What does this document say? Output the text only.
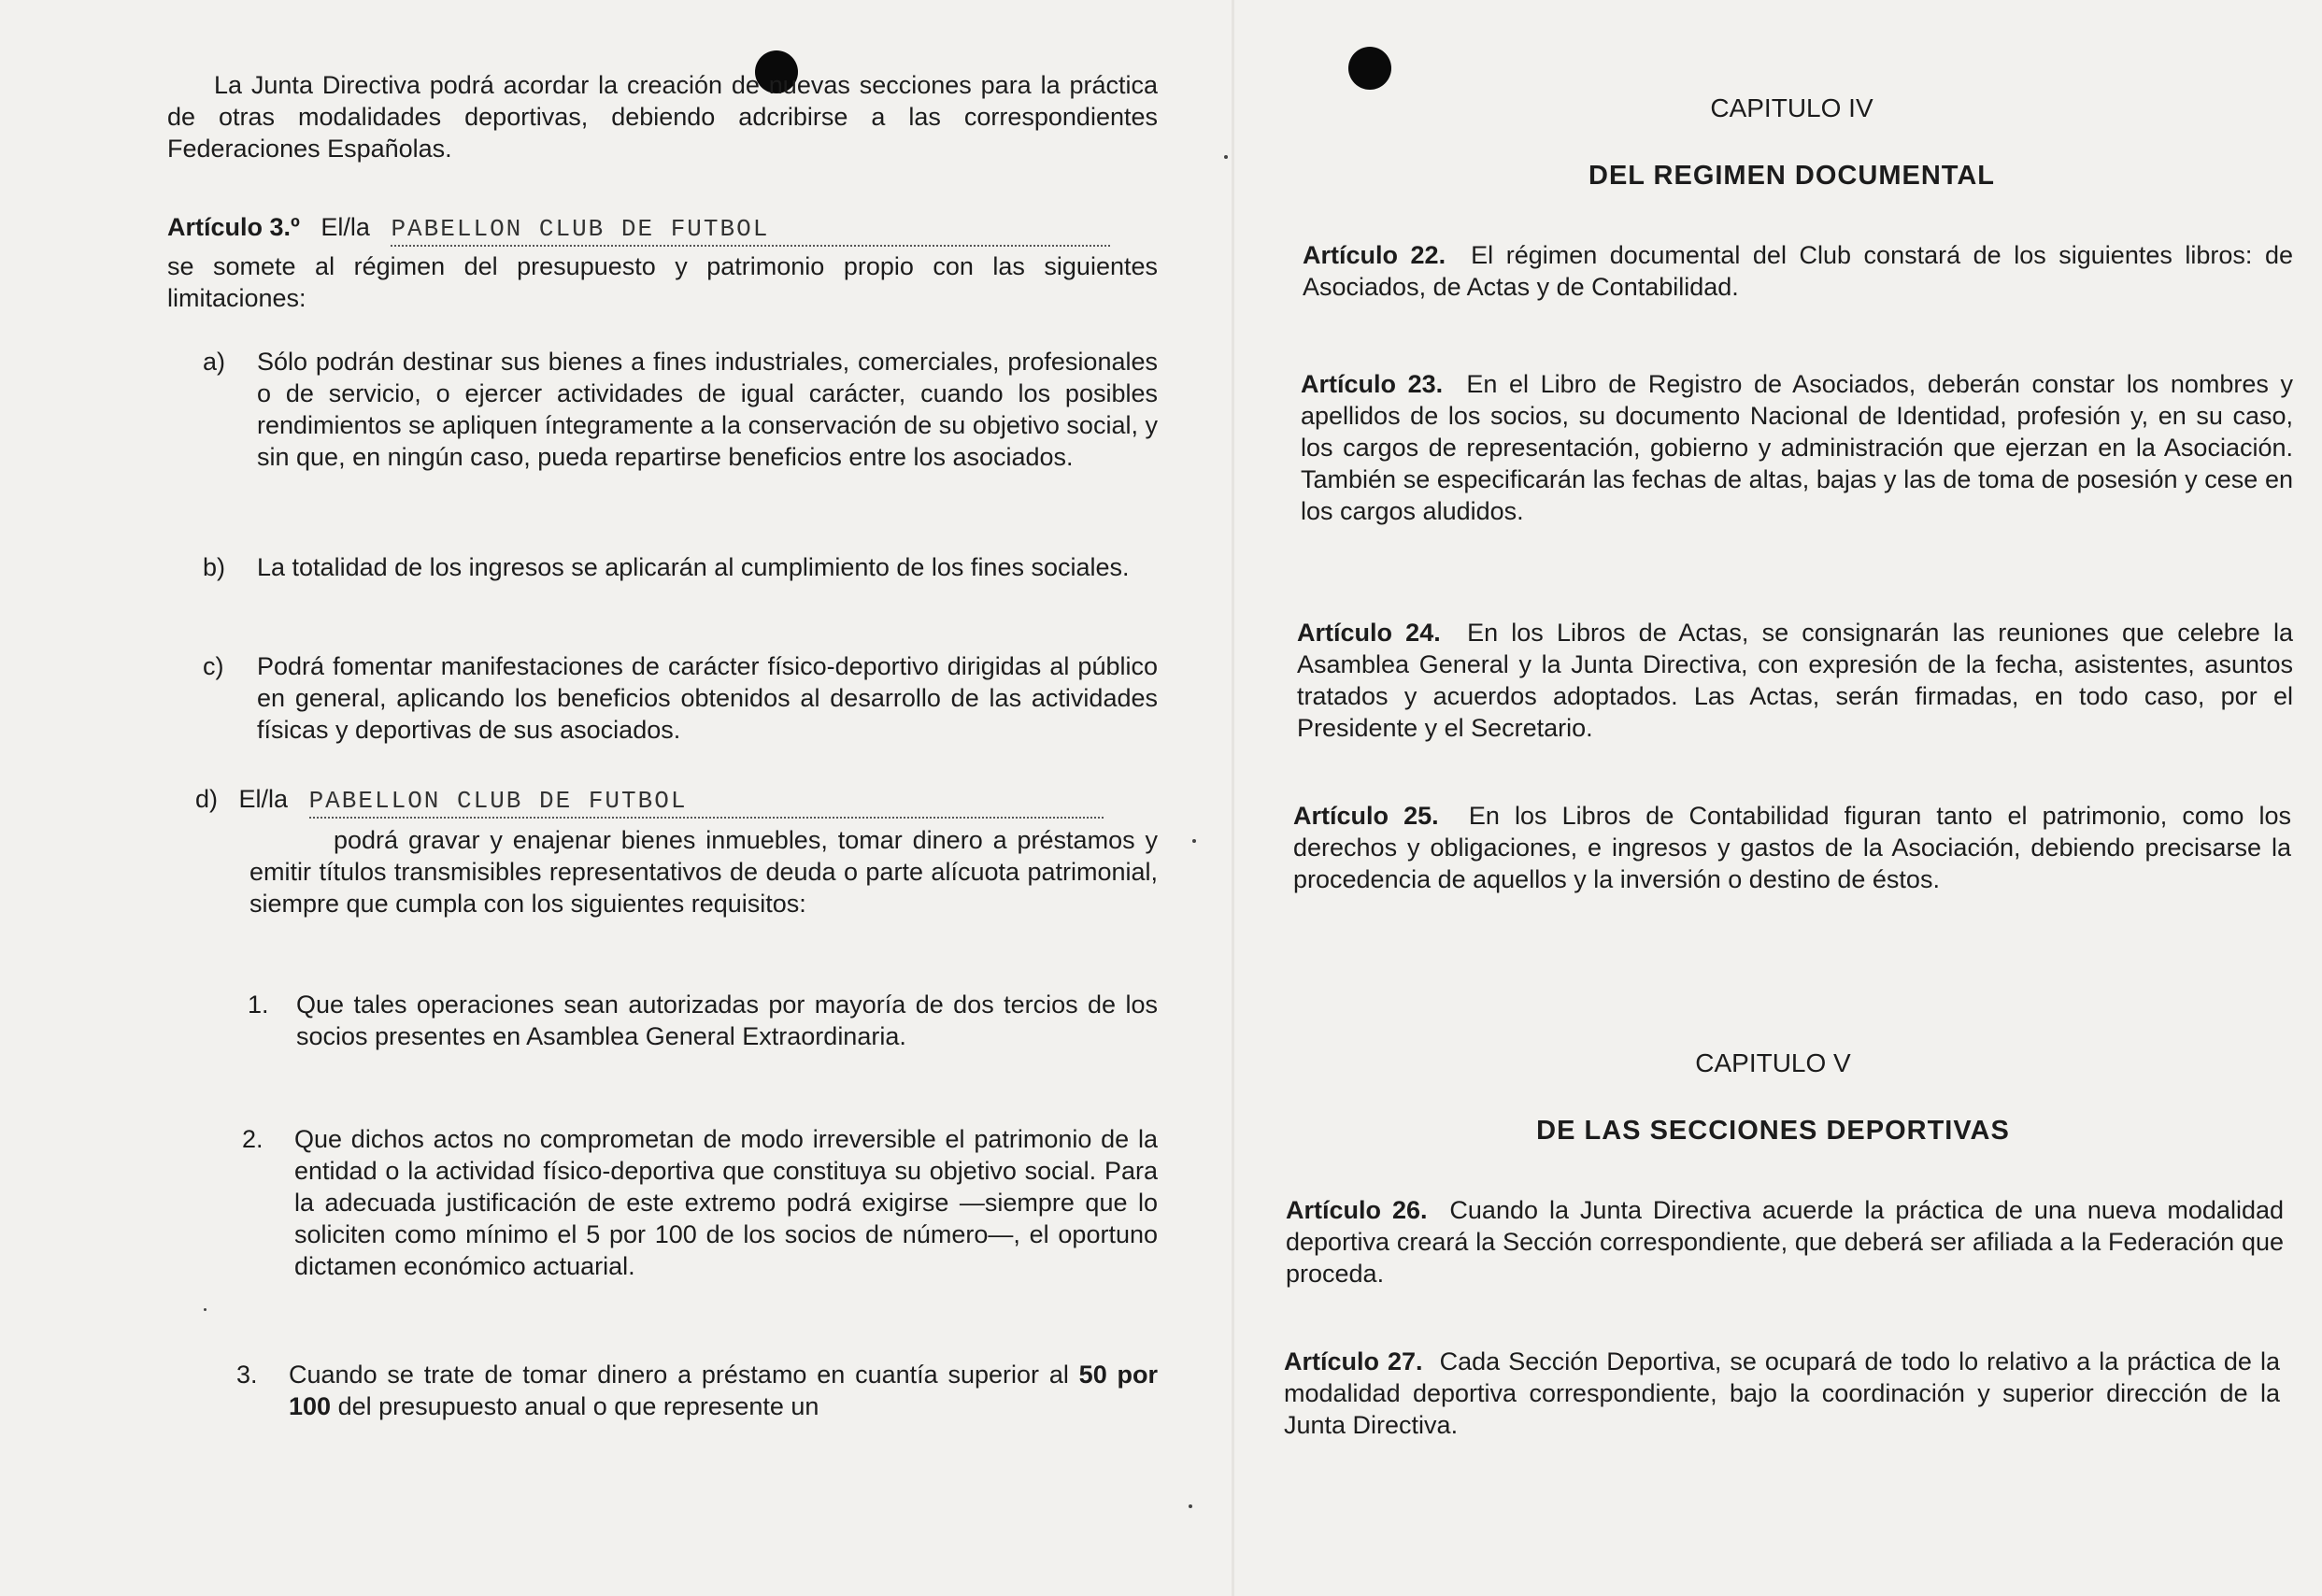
La Junta Directiva podrá acordar la creación de nuevas secciones para la práctica de otras modalidades deportivas, debiendo adcribirse a las correspondientes Federaciones Españolas.

Artículo 3.º El/la PABELLON CLUB DE FUTBOL

se somete al régimen del presupuesto y patrimonio propio con las siguientes limitaciones:

a) Sólo podrán destinar sus bienes a fines industriales, comerciales, profesionales o de servicio, o ejercer actividades de igual carácter, cuando los posibles rendimientos se apliquen íntegramente a la conservación de su objetivo social, y sin que, en ningún caso, pueda repartirse beneficios entre los asociados.

b) La totalidad de los ingresos se aplicarán al cumplimiento de los fines sociales.

c) Podrá fomentar manifestaciones de carácter físico-deportivo dirigidas al público en general, aplicando los beneficios obtenidos al desarrollo de las actividades físicas y deportivas de sus asociados.

d) El/la PABELLON CLUB DE FUTBOL

podrá gravar y enajenar bienes inmuebles, tomar dinero a préstamos y emitir títulos transmisibles representativos de deuda o parte alícuota patrimonial, siempre que cumpla con los siguientes requisitos:

1. Que tales operaciones sean autorizadas por mayoría de dos tercios de los socios presentes en Asamblea General Extraordinaria.

2. Que dichos actos no comprometan de modo irreversible el patrimonio de la entidad o la actividad físico-deportiva que constituya su objetivo social. Para la adecuada justificación de este extremo podrá exigirse —siempre que lo soliciten como mínimo el 5 por 100 de los socios de número—, el oportuno dictamen económico actuarial.

3. Cuando se trate de tomar dinero a préstamo en cuantía superior al 50 por 100 del presupuesto anual o que represente un

CAPITULO IV
DEL REGIMEN DOCUMENTAL

Artículo 22. El régimen documental del Club constará de los siguientes libros: de Asociados, de Actas y de Contabilidad.

Artículo 23. En el Libro de Registro de Asociados, deberán constar los nombres y apellidos de los socios, su documento Nacional de Identidad, profesión y, en su caso, los cargos de representación, gobierno y administración que ejerzan en la Asociación. También se especificarán las fechas de altas, bajas y las de toma de posesión y cese en los cargos aludidos.

Artículo 24. En los Libros de Actas, se consignarán las reuniones que celebre la Asamblea General y la Junta Directiva, con expresión de la fecha, asistentes, asuntos tratados y acuerdos adoptados. Las Actas, serán firmadas, en todo caso, por el Presidente y el Secretario.

Artículo 25. En los Libros de Contabilidad figuran tanto el patrimonio, como los derechos y obligaciones, e ingresos y gastos de la Asociación, debiendo precisarse la procedencia de aquellos y la inversión o destino de éstos.

CAPITULO V
DE LAS SECCIONES DEPORTIVAS

Artículo 26. Cuando la Junta Directiva acuerde la práctica de una nueva modalidad deportiva creará la Sección correspondiente, que deberá ser afiliada a la Federación que proceda.

Artículo 27. Cada Sección Deportiva, se ocupará de todo lo relativo a la práctica de la modalidad deportiva correspondiente, bajo la coordinación y superior dirección de la Junta Directiva.
